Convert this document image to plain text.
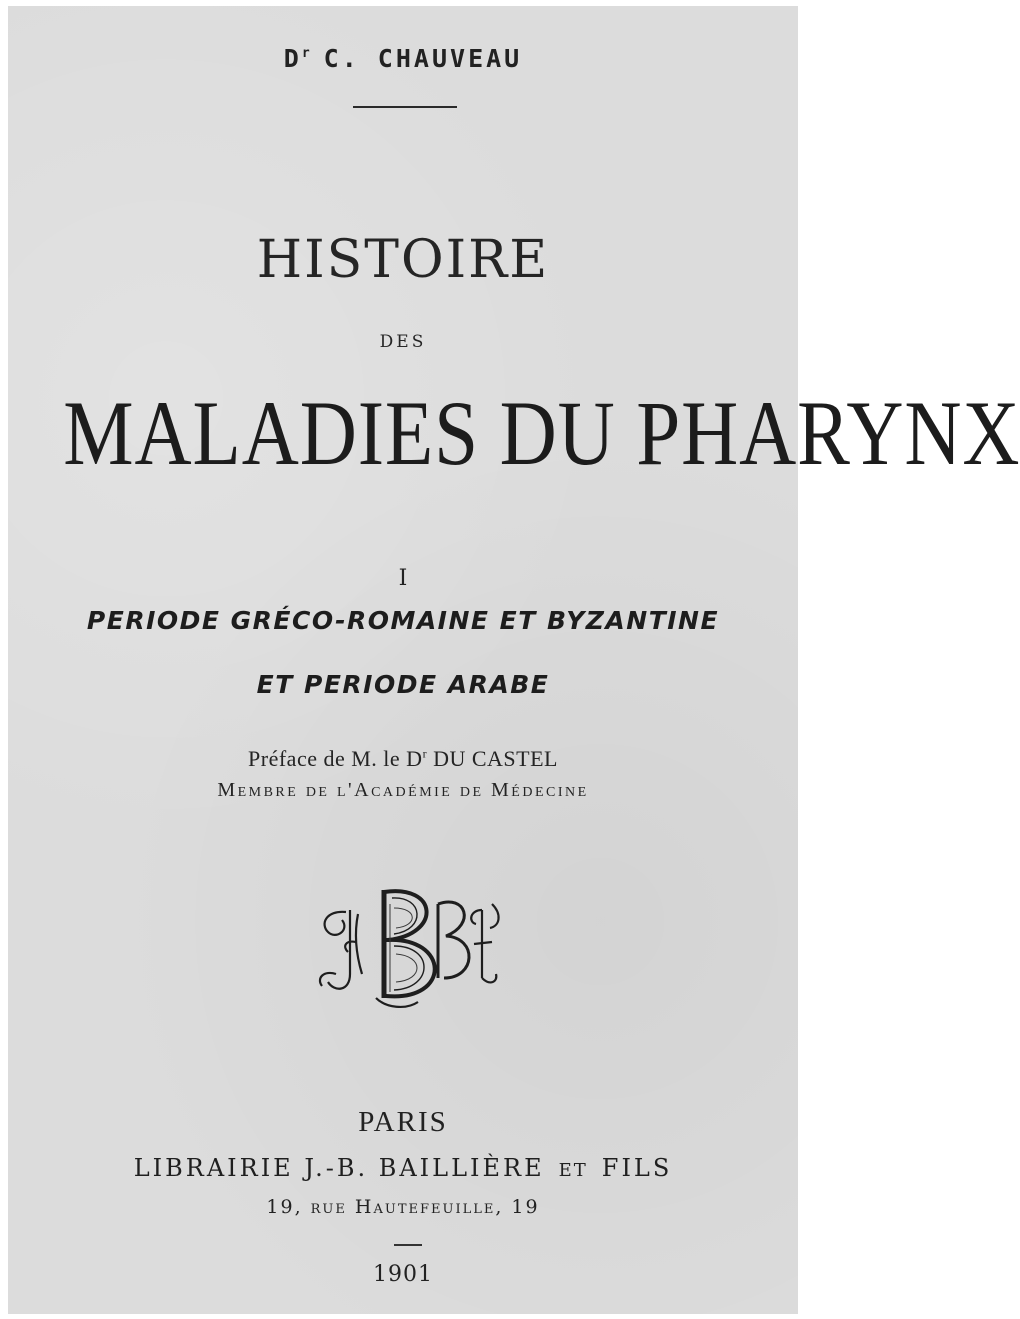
$D^r$ C. CHAUVEAU
HISTOIRE
DES
MALADIES DU PHARYNX
I
PERIODE GRÉCO-ROMAINE ET BYZANTINE
ET PERIODE ARABE
Préface de M. le $D^r$ DU CASTEL
Membre de l'Académie de Médecine
PARIS
LIBRAIRIE J.-B. BAILLIÈRE ET FILS
19, rue Hautefeuille, 19
1901
